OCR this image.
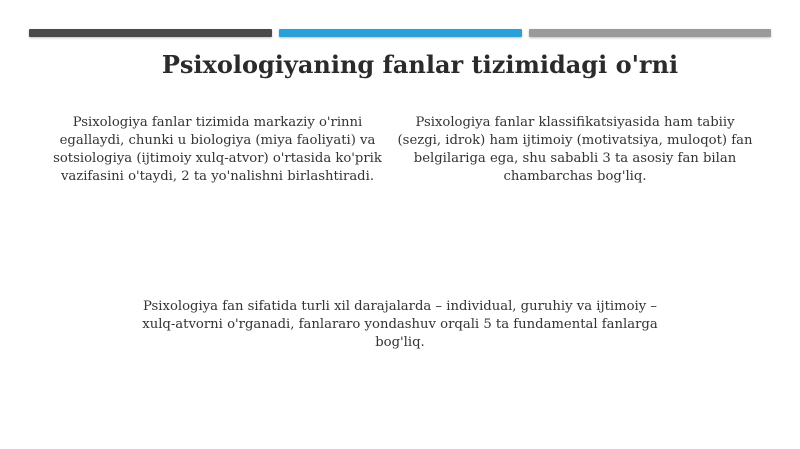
Psixologiyaning fanlar tizimidagi o'rni

Psixologiya fanlar tizimida markaziy o'rinni egallaydi, chunki u biologiya (miya faoliyati) va sotsiologiya (ijtimoiy xulq-atvor) o'rtasida ko'prik vazifasini o'taydi, 2 ta yo'nalishni birlashtiradi.

Psixologiya fanlar klassifikatsiyasida ham tabiiy (sezgi, idrok) ham ijtimoiy (motivatsiya, muloqot) fan belgilariga ega, shu sababli 3 ta asosiy fan bilan chambarchas bog'liq.

Psixologiya fan sifatida turli xil darajalarda – individual, guruhiy va ijtimoiy – xulq-atvorni o'rganadi, fanlararo yondashuv orqali 5 ta fundamental fanlarga bog'liq.
